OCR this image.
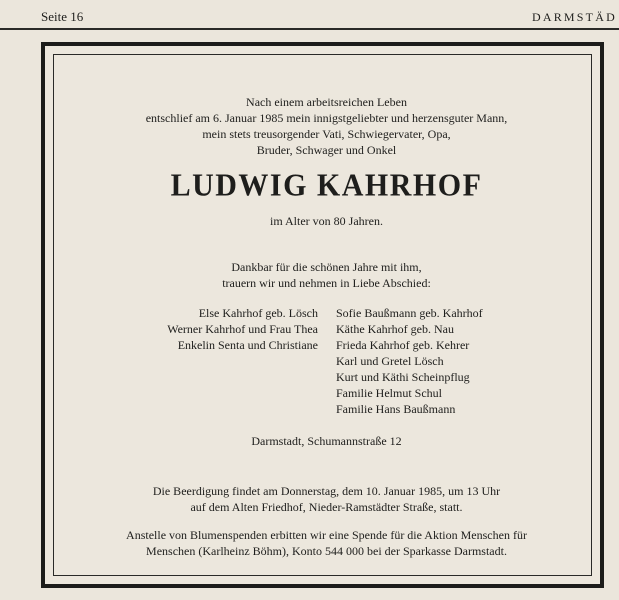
Seite 16	DARMSTÄD
Nach einem arbeitsreichen Leben
entschlief am 6. Januar 1985 mein innigstgeliebter und herzensguter Mann,
mein stets treusorgender Vati, Schwiegervater, Opa,
Bruder, Schwager und Onkel
LUDWIG KAHRHOF
im Alter von 80 Jahren.
Dankbar für die schönen Jahre mit ihm,
trauern wir und nehmen in Liebe Abschied:
Else Kahrhof geb. Lösch
Werner Kahrhof und Frau Thea
Enkelin Senta und Christiane
Sofie Baußmann geb. Kahrhof
Käthe Kahrhof geb. Nau
Frieda Kahrhof geb. Kehrer
Karl und Gretel Lösch
Kurt und Käthi Scheinpflug
Familie Helmut Schul
Familie Hans Baußmann
Darmstadt, Schumannstraße 12
Die Beerdigung findet am Donnerstag, dem 10. Januar 1985, um 13 Uhr
auf dem Alten Friedhof, Nieder-Ramstädter Straße, statt.
Anstelle von Blumenspenden erbitten wir eine Spende für die Aktion Menschen für
Menschen (Karlheinz Böhm), Konto 544 000 bei der Sparkasse Darmstadt.
